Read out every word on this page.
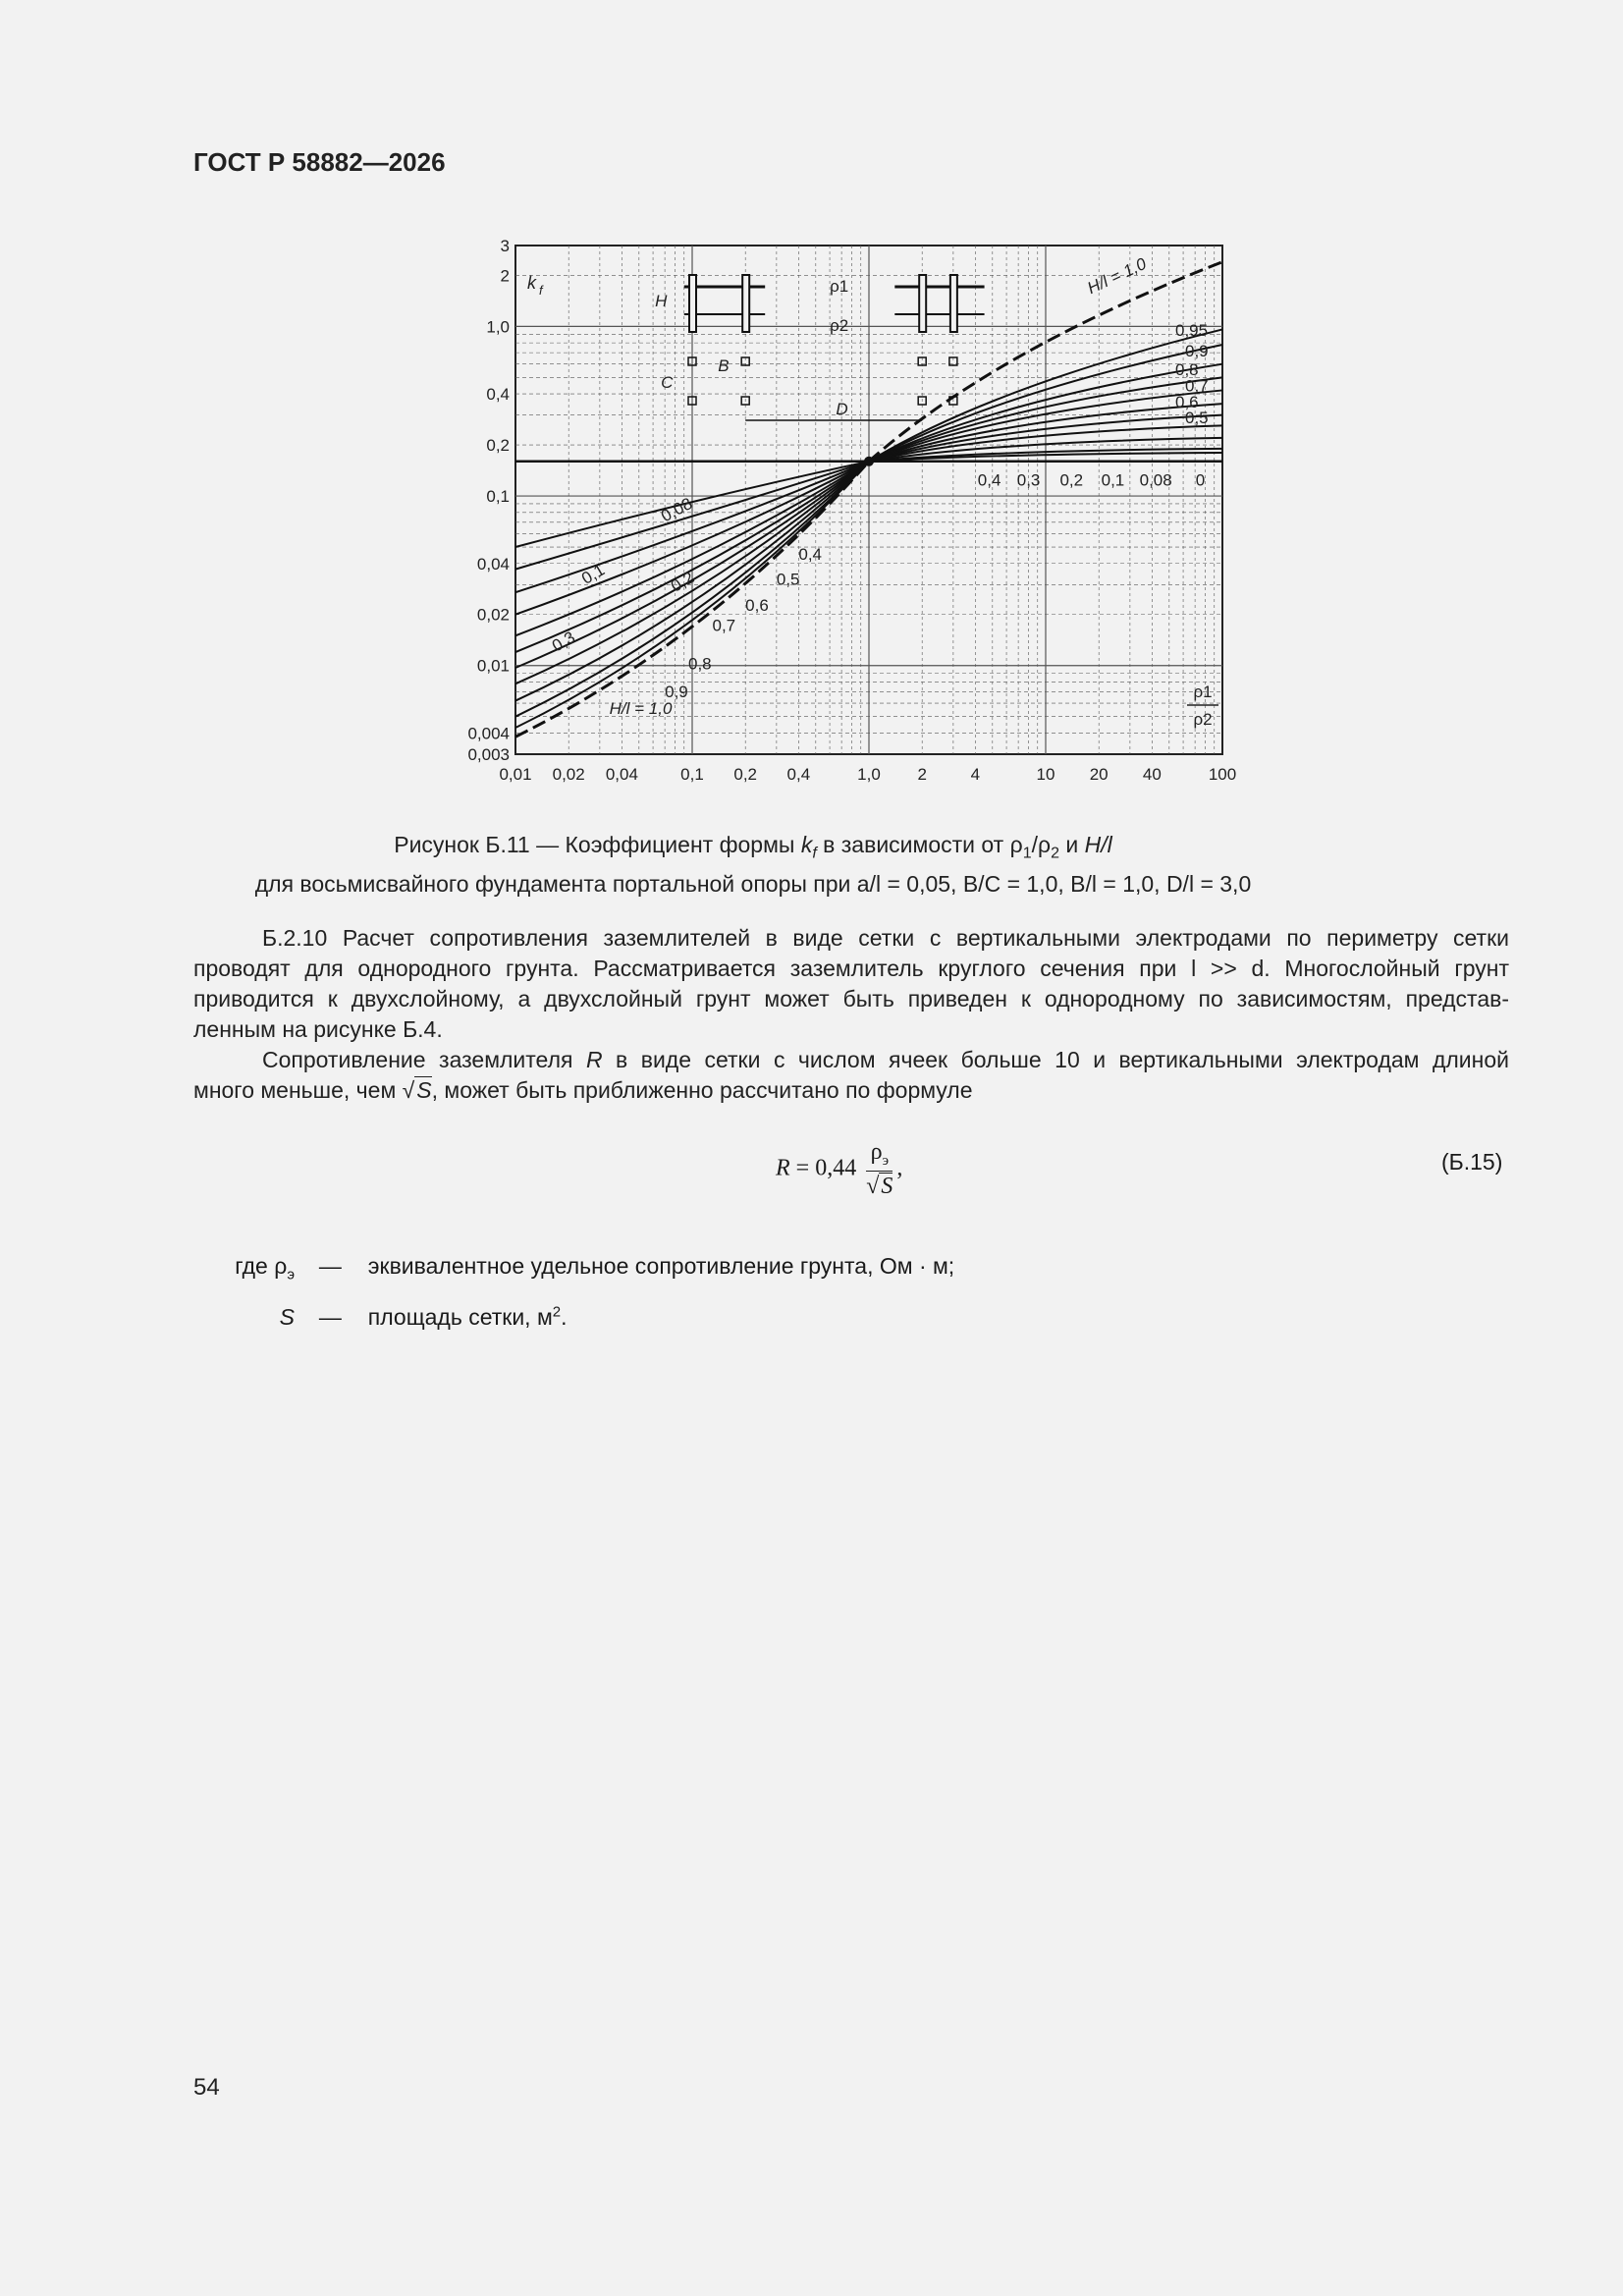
ГОСТ Р 58882—2026
0,01 0,02 0,04	0,1 0,2 0,4	1,0 2	4	10 20 40	100
3
2
1,0
0,4
0,2
0,1
0,04
0,02
0,01
0,004
0,003
k f
ρ1
ρ2
H
ρ1
ρ2
B
C
D
H/l = 1,0
0,95
0,9
0,8
0,7
0,6
0,5
0,4 0,3 0,2 0,1 0,08 0
0,08
0,1	0,2
0,3
0,4
0,5
0,6
0,7
0,8
0,9
H/l = 1,0
Рисунок Б.11 — Коэффициент формы $k_f$ в зависимости от $\rho_1/\rho_2$ и H/l
для восьмисвайного фундамента портальной опоры при a/l = 0,05, B/C = 1,0, B/l = 1,0, D/l = 3,0
Б.2.10 Расчет сопротивления заземлителей в виде сетки с вертикальными электродами по периметру сетки
проводят для однородного грунта. Рассматривается заземлитель круглого сечения при l >> d. Многослойный грунт
приводится к двухслойному, а двухслойный грунт может быть приведен к однородному по зависимостям, представ-
ленным на рисунке Б.4.
Сопротивление заземлителя R в виде сетки с числом ячеек больше 10 и вертикальными электродам длиной
много меньше, чем √S, может быть приближенно рассчитано по формуле
$R = 0,44 \frac{\rho_э}{√S}$ ,	(Б.15)
где $\rho_э$ — эквивалентное удельное сопротивление грунта, Ом · м;
S — площадь сетки, $м^2$.
54
